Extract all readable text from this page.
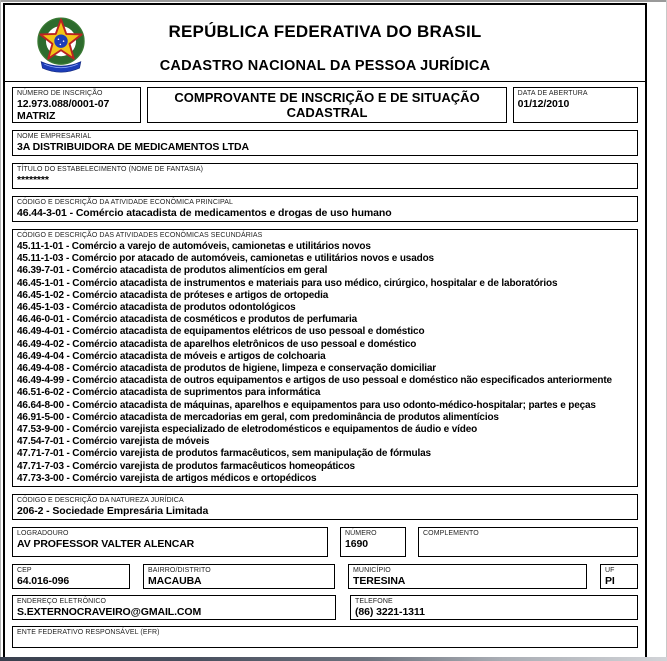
REPÚBLICA FEDERATIVA DO BRASIL
CADASTRO NACIONAL DA PESSOA JURÍDICA
NÚMERO DE INSCRIÇÃO
12.973.088/0001-07
MATRIZ
COMPROVANTE DE INSCRIÇÃO E DE SITUAÇÃO CADASTRAL
DATA DE ABERTURA
01/12/2010
NOME EMPRESARIAL
3A DISTRIBUIDORA DE MEDICAMENTOS LTDA
TÍTULO DO ESTABELECIMENTO (NOME DE FANTASIA)
********
CÓDIGO E DESCRIÇÃO DA ATIVIDADE ECONÔMICA PRINCIPAL
46.44-3-01 - Comércio atacadista de medicamentos e drogas de uso humano
CÓDIGO E DESCRIÇÃO DAS ATIVIDADES ECONÔMICAS SECUNDÁRIAS
45.11-1-01 - Comércio a varejo de automóveis, camionetas e utilitários novos
45.11-1-03 - Comércio por atacado de automóveis, camionetas e utilitários novos e usados
46.39-7-01 - Comércio atacadista de produtos alimentícios em geral
46.45-1-01 - Comércio atacadista de instrumentos e materiais para uso médico, cirúrgico, hospitalar e de laboratórios
46.45-1-02 - Comércio atacadista de próteses e artigos de ortopedia
46.45-1-03 - Comércio atacadista de produtos odontológicos
46.46-0-01 - Comércio atacadista de cosméticos e produtos de perfumaria
46.49-4-01 - Comércio atacadista de equipamentos elétricos de uso pessoal e doméstico
46.49-4-02 - Comércio atacadista de aparelhos eletrônicos de uso pessoal e doméstico
46.49-4-04 - Comércio atacadista de móveis e artigos de colchoaria
46.49-4-08 - Comércio atacadista de produtos de higiene, limpeza e conservação domiciliar
46.49-4-99 - Comércio atacadista de outros equipamentos e artigos de uso pessoal e doméstico não especificados anteriormente
46.51-6-02 - Comércio atacadista de suprimentos para informática
46.64-8-00 - Comércio atacadista de máquinas, aparelhos e equipamentos para uso odonto-médico-hospitalar; partes e peças
46.91-5-00 - Comércio atacadista de mercadorias em geral, com predominância de produtos alimentícios
47.53-9-00 - Comércio varejista especializado de eletrodomésticos e equipamentos de áudio e vídeo
47.54-7-01 - Comércio varejista de móveis
47.71-7-01 - Comércio varejista de produtos farmacêuticos, sem manipulação de fórmulas
47.71-7-03 - Comércio varejista de produtos farmacêuticos homeopáticos
47.73-3-00 - Comércio varejista de artigos médicos e ortopédicos
CÓDIGO E DESCRIÇÃO DA NATUREZA JURÍDICA
206-2 - Sociedade Empresária Limitada
LOGRADOURO
AV PROFESSOR VALTER ALENCAR
NÚMERO
1690
COMPLEMENTO
CEP
64.016-096
BAIRRO/DISTRITO
MACAUBA
MUNICÍPIO
TERESINA
UF
PI
ENDEREÇO ELETRÔNICO
S.EXTERNOCRAVEIRO@GMAIL.COM
TELEFONE
(86) 3221-1311
ENTE FEDERATIVO RESPONSÁVEL (EFR)
